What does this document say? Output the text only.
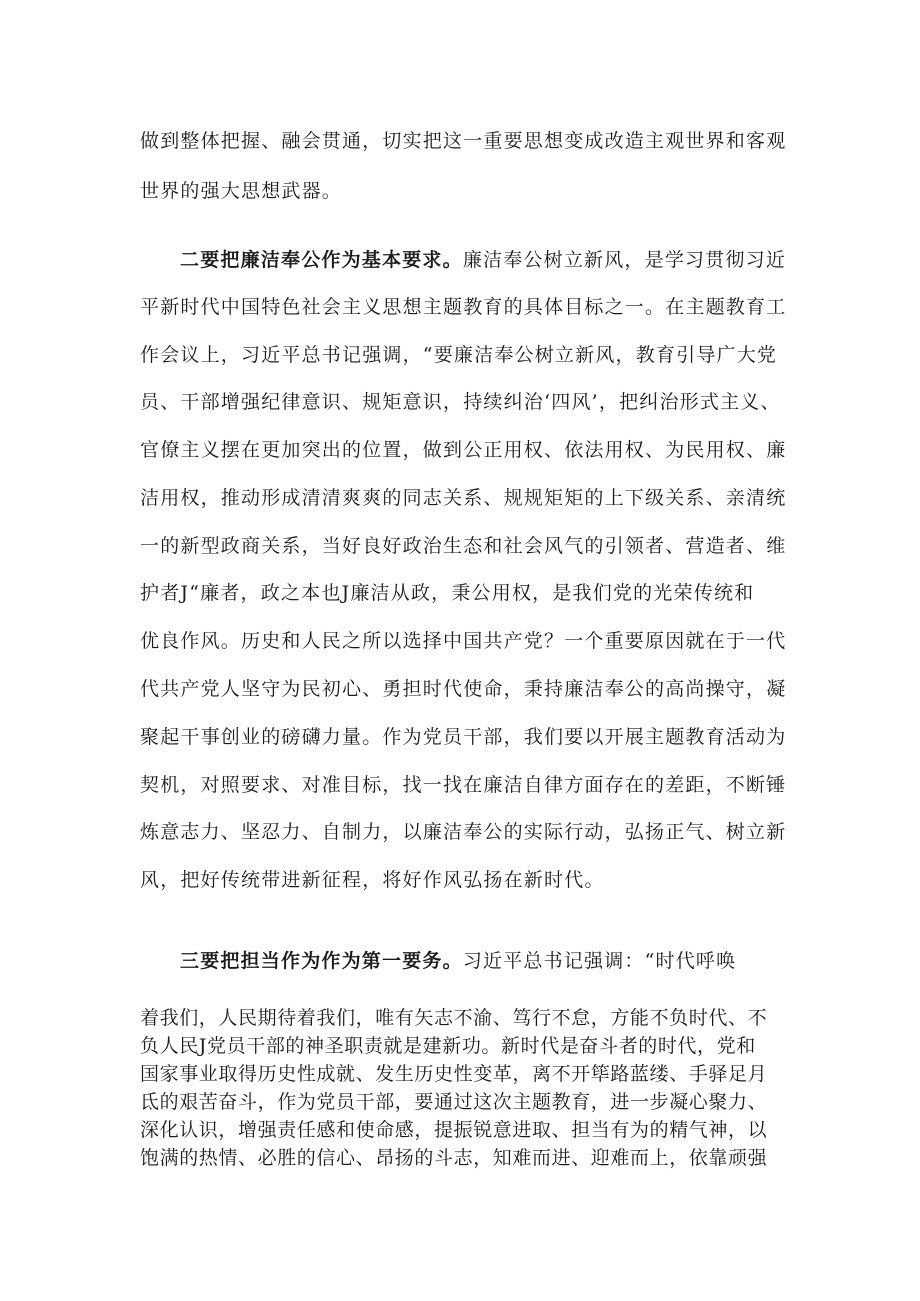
做到整体把握、融会贯通，切实把这一重要思想变成改造主观世界和客观
世界的强大思想武器。
二要把廉洁奉公作为基本要求。廉洁奉公树立新风，是学习贯彻习近
平新时代中国特色社会主义思想主题教育的具体目标之一。在主题教育工
作会议上，习近平总书记强调，“要廉洁奉公树立新风，教育引导广大党
员、干部增强纪律意识、规矩意识，持续纠治‘四风’，把纠治形式主义、
官僚主义摆在更加突出的位置，做到公正用权、依法用权、为民用权、廉
洁用权，推动形成清清爽爽的同志关系、规规矩矩的上下级关系、亲清统
一的新型政商关系，当好良好政治生态和社会风气的引领者、营造者、维
护者J“廉者，政之本也J廉洁从政，秉公用权，是我们党的光荣传统和
优良作风。历史和人民之所以选择中国共产党？一个重要原因就在于一代
代共产党人坚守为民初心、勇担时代使命，秉持廉洁奉公的高尚操守，凝
聚起干事创业的磅礴力量。作为党员干部，我们要以开展主题教育活动为
契机，对照要求、对准目标，找一找在廉洁自律方面存在的差距，不断锤
炼意志力、坚忍力、自制力，以廉洁奉公的实际行动，弘扬正气、树立新
风，把好传统带进新征程，将好作风弘扬在新时代。
三要把担当作为作为第一要务。习近平总书记强调：“时代呼唤
着我们，人民期待着我们，唯有矢志不渝、笃行不怠，方能不负时代、不
负人民J党员干部的神圣职责就是建新功。新时代是奋斗者的时代，党和
国家事业取得历史性成就、发生历史性变革，离不开筚路蓝缕、手驿足月
氐的艰苦奋斗，作为党员干部，要通过这次主题教育，进一步凝心聚力、
深化认识，增强责任感和使命感，提振锐意进取、担当有为的精气神，以
饱满的热情、必胜的信心、昂扬的斗志，知难而进、迎难而上，依靠顽强
